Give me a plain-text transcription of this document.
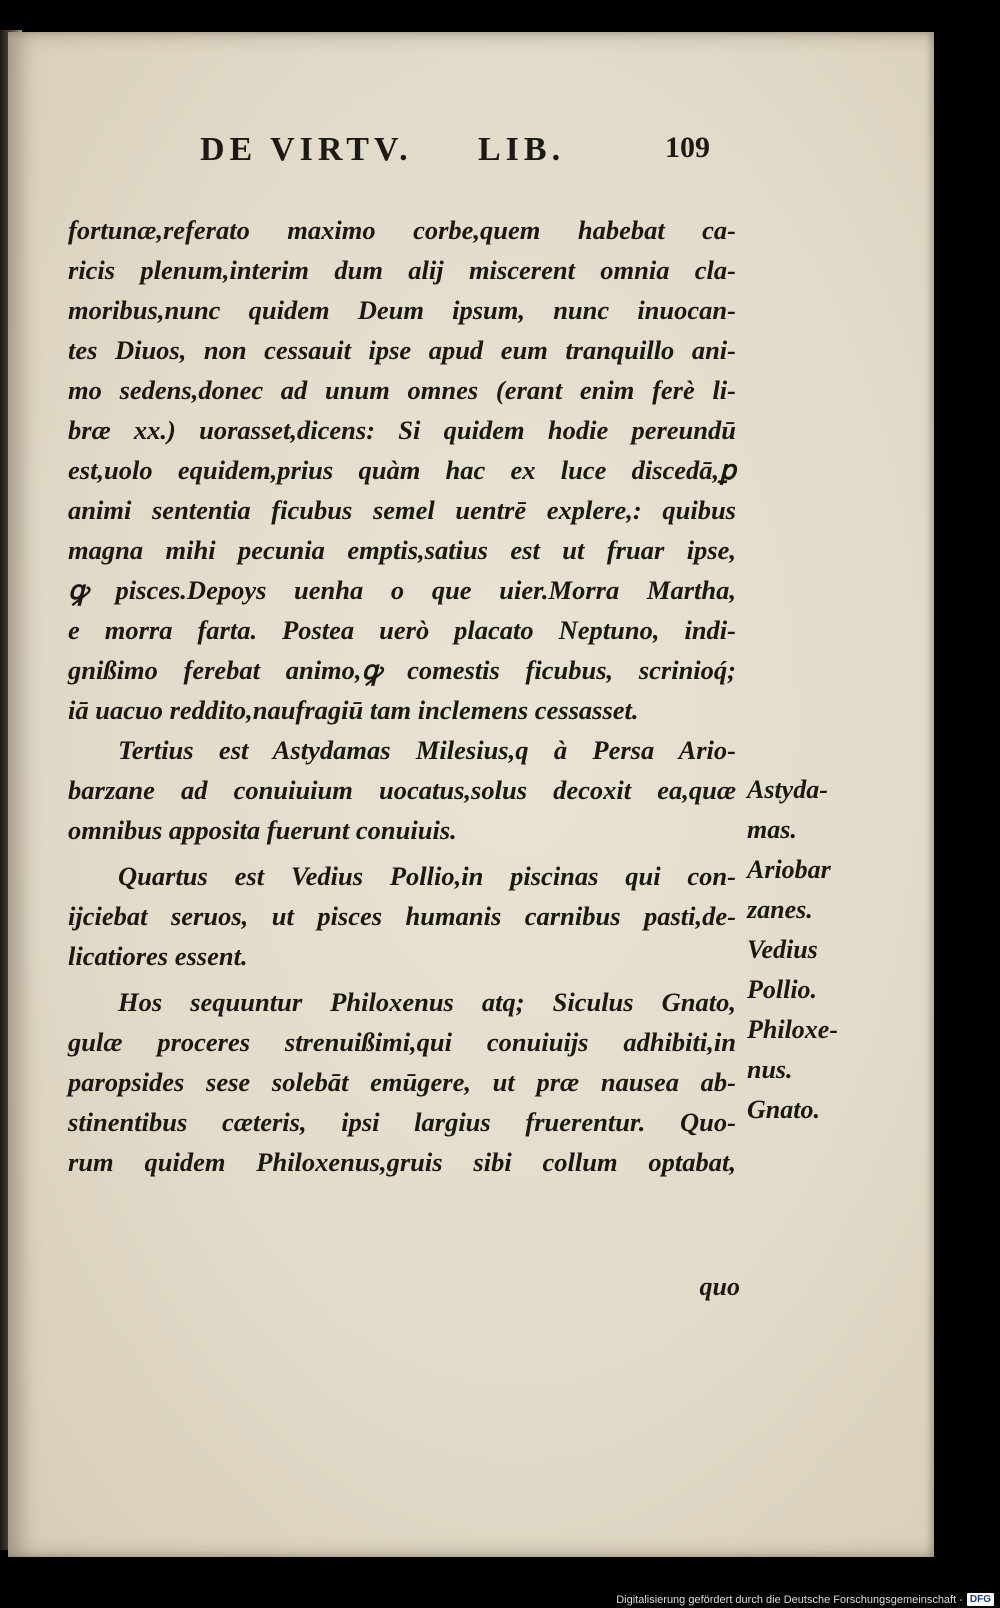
DE VIRTV. LIB.	109
fortunæ,referato maximo corbe,quem habebat ca-
ricis plenum,interim dum alij miscerent omnia cla-
moribus,nunc quidem Deum ipsum, nunc inuocan-
tes Diuos, non cessauit ipse apud eum tranquillo ani-
mo sedens,donec ad unum omnes (erant enim ferè li-
bræ xx.) uorasset,dicens: Si quidem hodie pereundū
est,uolo equidem,prius quàm hac ex luce discedā,ꝑ
animi sententia ficubus semel uentrē explere,: quibus
magna mihi pecunia emptis,satius est ut fruar ipse,
ꝙ pisces.Depoys uenha o que uier.Morra Martha,
e morra farta. Postea uerò placato Neptuno, indi-
gnißimo ferebat animo,ꝙ comestis ficubus, scrinioq́;
iā uacuo reddito,naufragiū tam inclemens cessasset.
Tertius est Astydamas Milesius,q à Persa Ario-
barzane ad conuiuium uocatus,solus decoxit ea,quæ
omnibus apposita fuerunt conuiuis.
Quartus est Vedius Pollio,in piscinas qui con-
ijciebat seruos, ut pisces humanis carnibus pasti,de-
licatiores essent.
Hos sequuntur Philoxenus atq; Siculus Gnato,
gulæ proceres strenuißimi,qui conuiuijs adhibiti,in
paropsides sese solebāt emūgere, ut præ nausea ab-
stinentibus cæteris, ipsi largius fruerentur. Quo-
rum quidem Philoxenus,gruis sibi collum optabat,
quo
Astyda-
mas.
Ariobar
zanes.
Vedius
Pollio.
Philoxe-
nus.
Gnato.
Digitalisierung gefördert durch die Deutsche Forschungsgemeinschaft - DFG
